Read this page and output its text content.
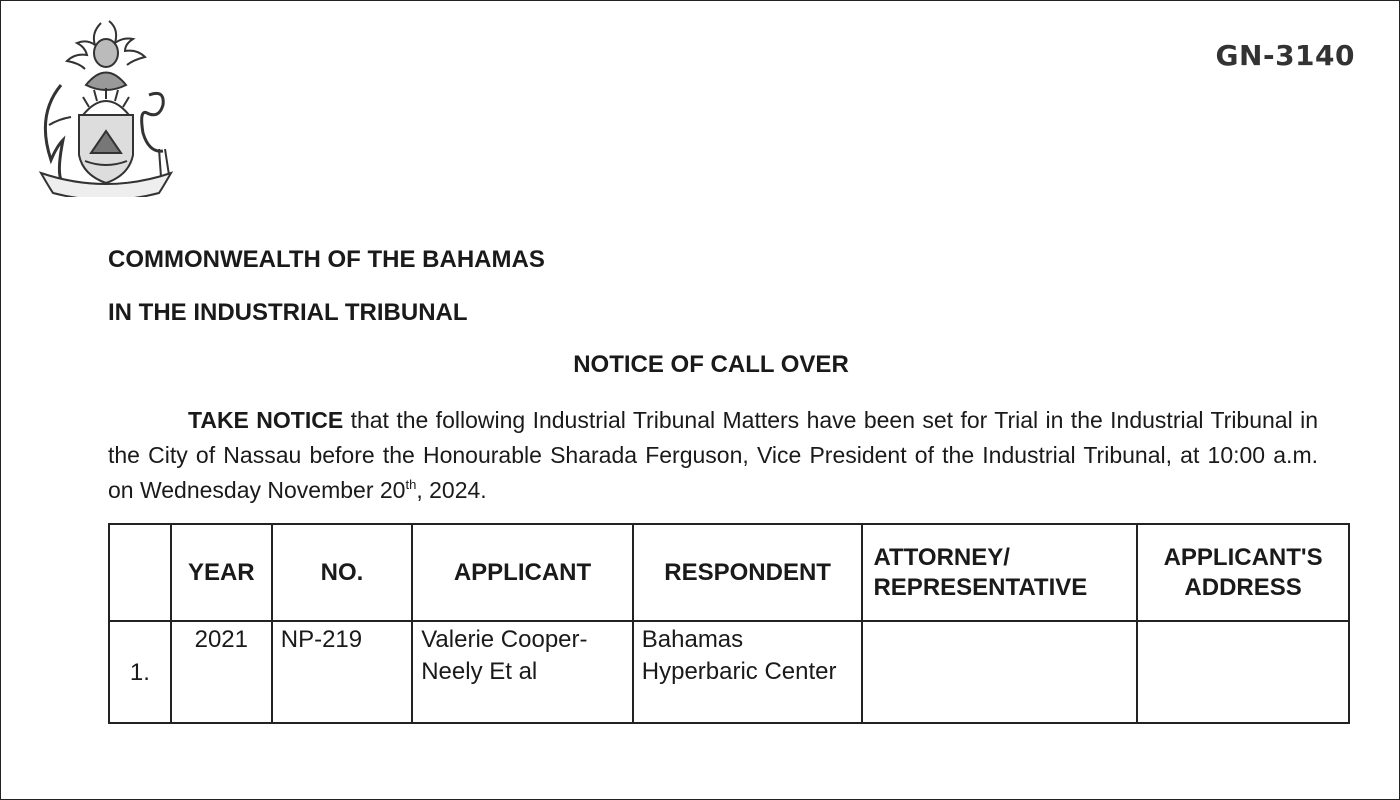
GN-3140
COMMONWEALTH OF THE BAHAMAS
IN THE INDUSTRIAL TRIBUNAL
NOTICE OF CALL OVER

TAKE NOTICE that the following Industrial Tribunal Matters have been set for Trial in the Industrial Tribunal in the City of Nassau before the Honourable Sharada Ferguson, Vice President of the Industrial Tribunal, at 10:00 a.m. on Wednesday November 20th, 2024.

	YEAR	NO.	APPLICANT	RESPONDENT	ATTORNEY/ REPRESENTATIVE	APPLICANT'S ADDRESS
1.	2021	NP-219	Valerie Cooper-Neely Et al	Bahamas Hyperbaric Center		
